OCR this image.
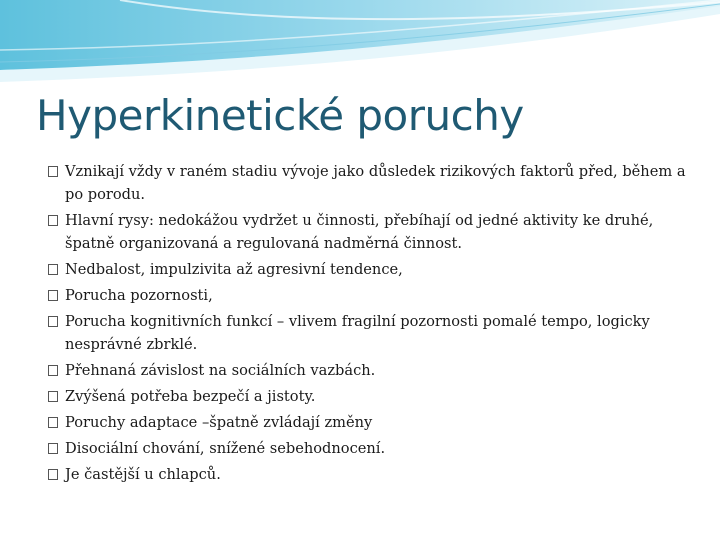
Hyperkinetické poruchy
Vznikají vždy v raném stadiu vývoje jako důsledek rizikových faktorů před, během a po porodu.
Hlavní rysy: nedokážou vydržet u činnosti, přebíhají od jedné aktivity ke druhé, špatně organizovaná a regulovaná nadměrná činnost.
Nedbalost, impulzivita až agresivní tendence,
Porucha pozornosti,
Porucha kognitivních funkcí – vlivem fragilní pozornosti pomalé tempo, logicky nesprávné zbrklé.
Přehnaná závislost na sociálních vazbách.
Zvýšená potřeba bezpečí a jistoty.
Poruchy adaptace –špatně zvládají změny
Disociální chování, snížené sebehodnocení.
Je častější u chlapců.
